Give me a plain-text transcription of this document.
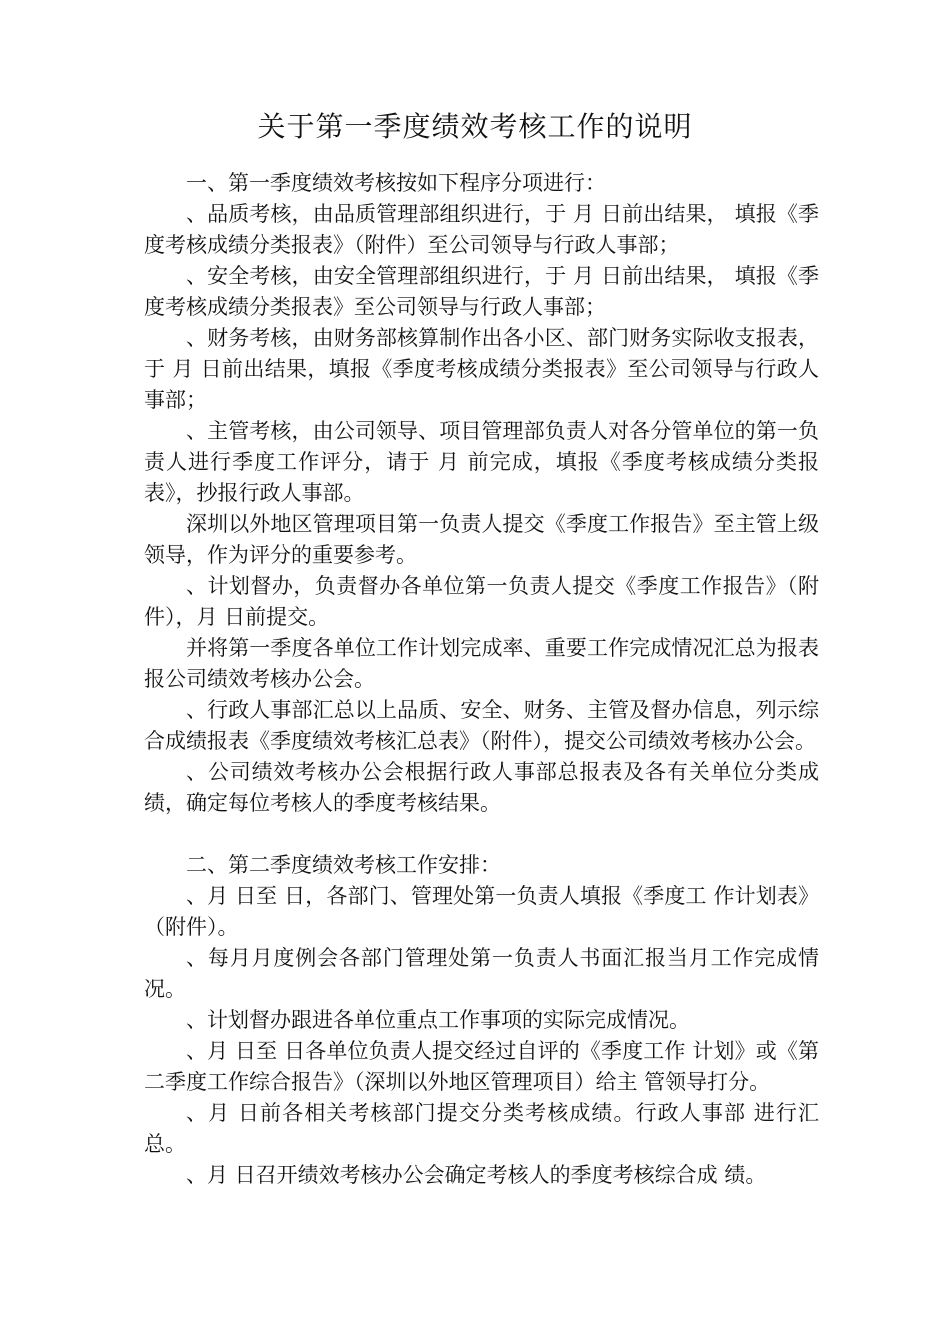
关于第一季度绩效考核工作的说明

一、第一季度绩效考核按如下程序分项进行：

、品质考核，由品质管理部组织进行，于 月 日前出结果， 填报《季度考核成绩分类报表》（附件）至公司领导与行政人事部；

、安全考核，由安全管理部组织进行，于 月 日前出结果， 填报《季度考核成绩分类报表》至公司领导与行政人事部；

、财务考核，由财务部核算制作出各小区、部门财务实际收支报表，于 月 日前出结果，填报《季度考核成绩分类报表》至公司领导与行政人事部；

、主管考核，由公司领导、项目管理部负责人对各分管单位的第一负责人进行季度工作评分，请于 月 前完成，填报《季度考核成绩分类报表》，抄报行政人事部。

深圳以外地区管理项目第一负责人提交《季度工作报告》至主管上级领导，作为评分的重要参考。

、计划督办，负责督办各单位第一负责人提交《季度工作报告》（附件），月 日前提交。

并将第一季度各单位工作计划完成率、重要工作完成情况汇总为报表报公司绩效考核办公会。

、行政人事部汇总以上品质、安全、财务、主管及督办信息，列示综合成绩报表《季度绩效考核汇总表》（附件），提交公司绩效考核办公会。

、公司绩效考核办公会根据行政人事部总报表及各有关单位分类成绩，确定每位考核人的季度考核结果。

二、第二季度绩效考核工作安排：

、月 日至 日，各部门、管理处第一负责人填报《季度工 作计划表》（附件）。

、每月月度例会各部门管理处第一负责人书面汇报当月工作完成情况。

、计划督办跟进各单位重点工作事项的实际完成情况。

、月 日至 日各单位负责人提交经过自评的《季度工作 计划》或《第二季度工作综合报告》（深圳以外地区管理项目）给主 管领导打分。

、月 日前各相关考核部门提交分类考核成绩。行政人事部 进行汇总。

、月 日召开绩效考核办公会确定考核人的季度考核综合成 绩。
